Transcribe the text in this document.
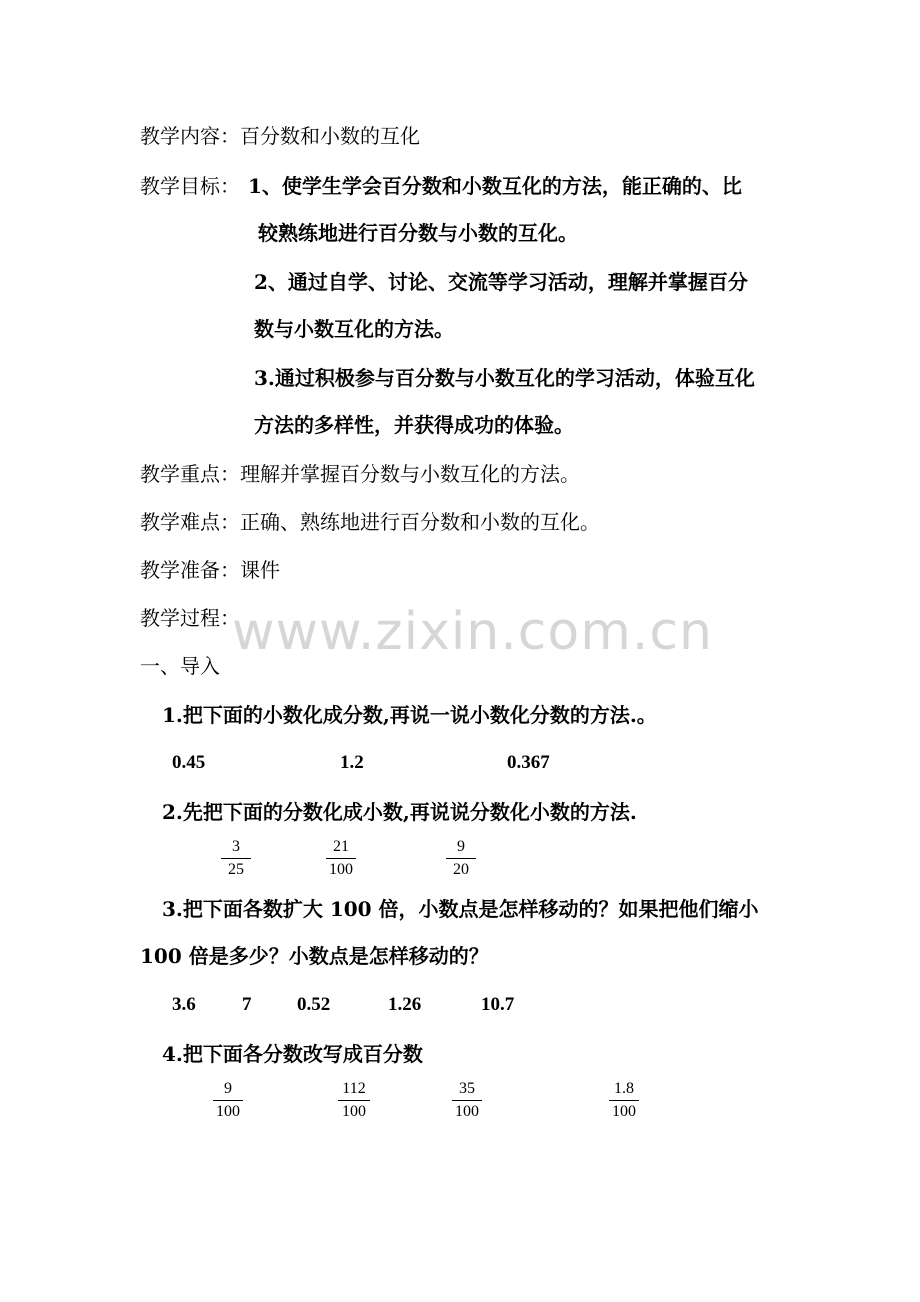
www.zixin.com.cn
教学内容：百分数和小数的互化
教学目标： 1、使学生学会百分数和小数互化的方法，能正确的、比
较熟练地进行百分数与小数的互化。
2、通过自学、讨论、交流等学习活动，理解并掌握百分
数与小数互化的方法。
3.通过积极参与百分数与小数互化的学习活动，体验互化
方法的多样性，并获得成功的体验。
教学重点：理解并掌握百分数与小数互化的方法。
教学难点：正确、熟练地进行百分数和小数的互化。
教学准备：课件
教学过程：
一、导入
1.把下面的小数化成分数,再说一说小数化分数的方法.。
0.45	1.2	0.367
2.先把下面的分数化成小数,再说说分数化小数的方法.
$\frac{3}{25}$	$\frac{21}{100}$	$\frac{9}{20}$
3.把下面各数扩大 100 倍，小数点是怎样移动的？如果把他们缩小
100 倍是多少？小数点是怎样移动的？
3.6 7 0.52	1.26	10.7
4.把下面各分数改写成百分数
$\frac{9}{100}$	$\frac{112}{100}$	$\frac{35}{100}$	$\frac{1.8}{100}$
